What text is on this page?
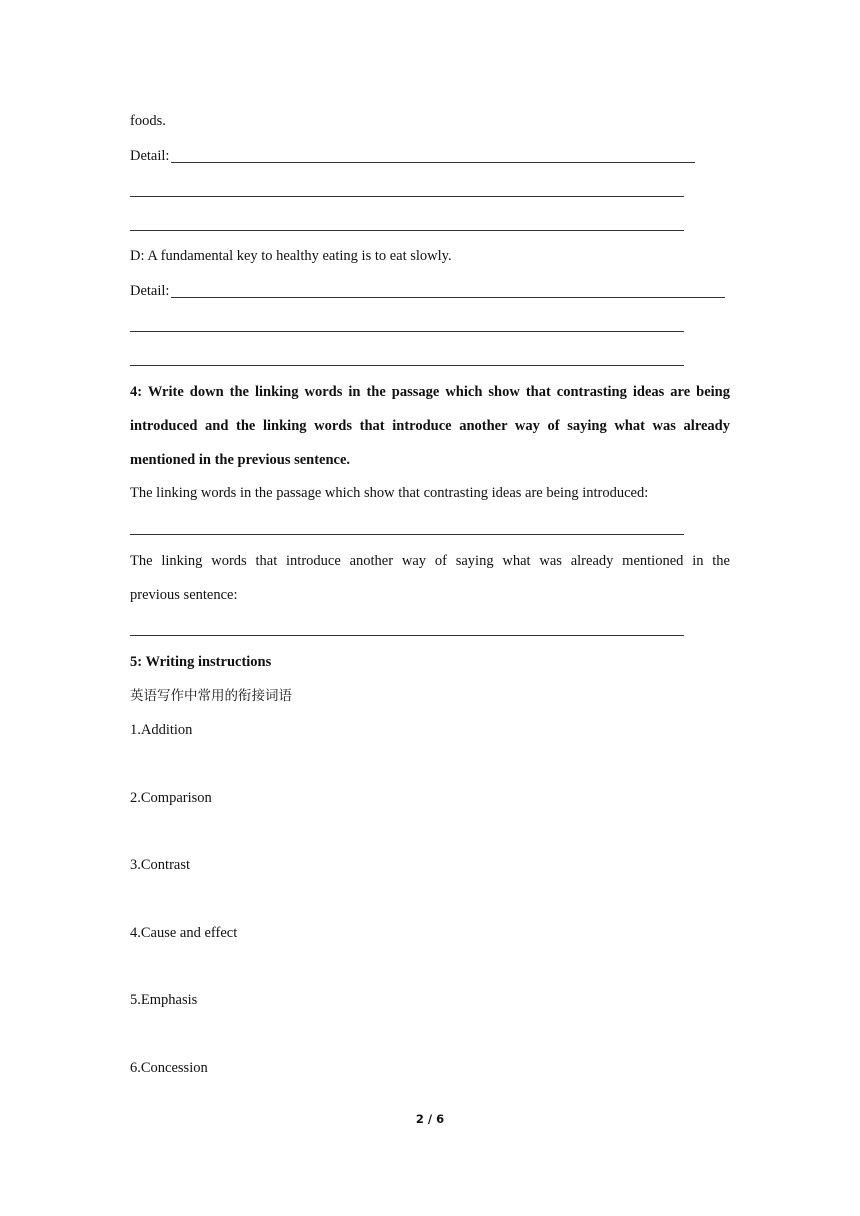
foods.
Detail:
D: A fundamental key to healthy eating is to eat slowly.
Detail:
4: Write down the linking words in the passage which show that contrasting ideas are being
introduced and the linking words that introduce another way of saying what was already
mentioned in the previous sentence.
The linking words in the passage which show that contrasting ideas are being introduced:
The linking words that introduce another way of saying what was already mentioned in the
previous sentence:
5: Writing instructions
英语写作中常用的衔接词语
1.Addition
2.Comparison
3.Contrast
4.Cause and effect
5.Emphasis
6.Concession
2 / 6
